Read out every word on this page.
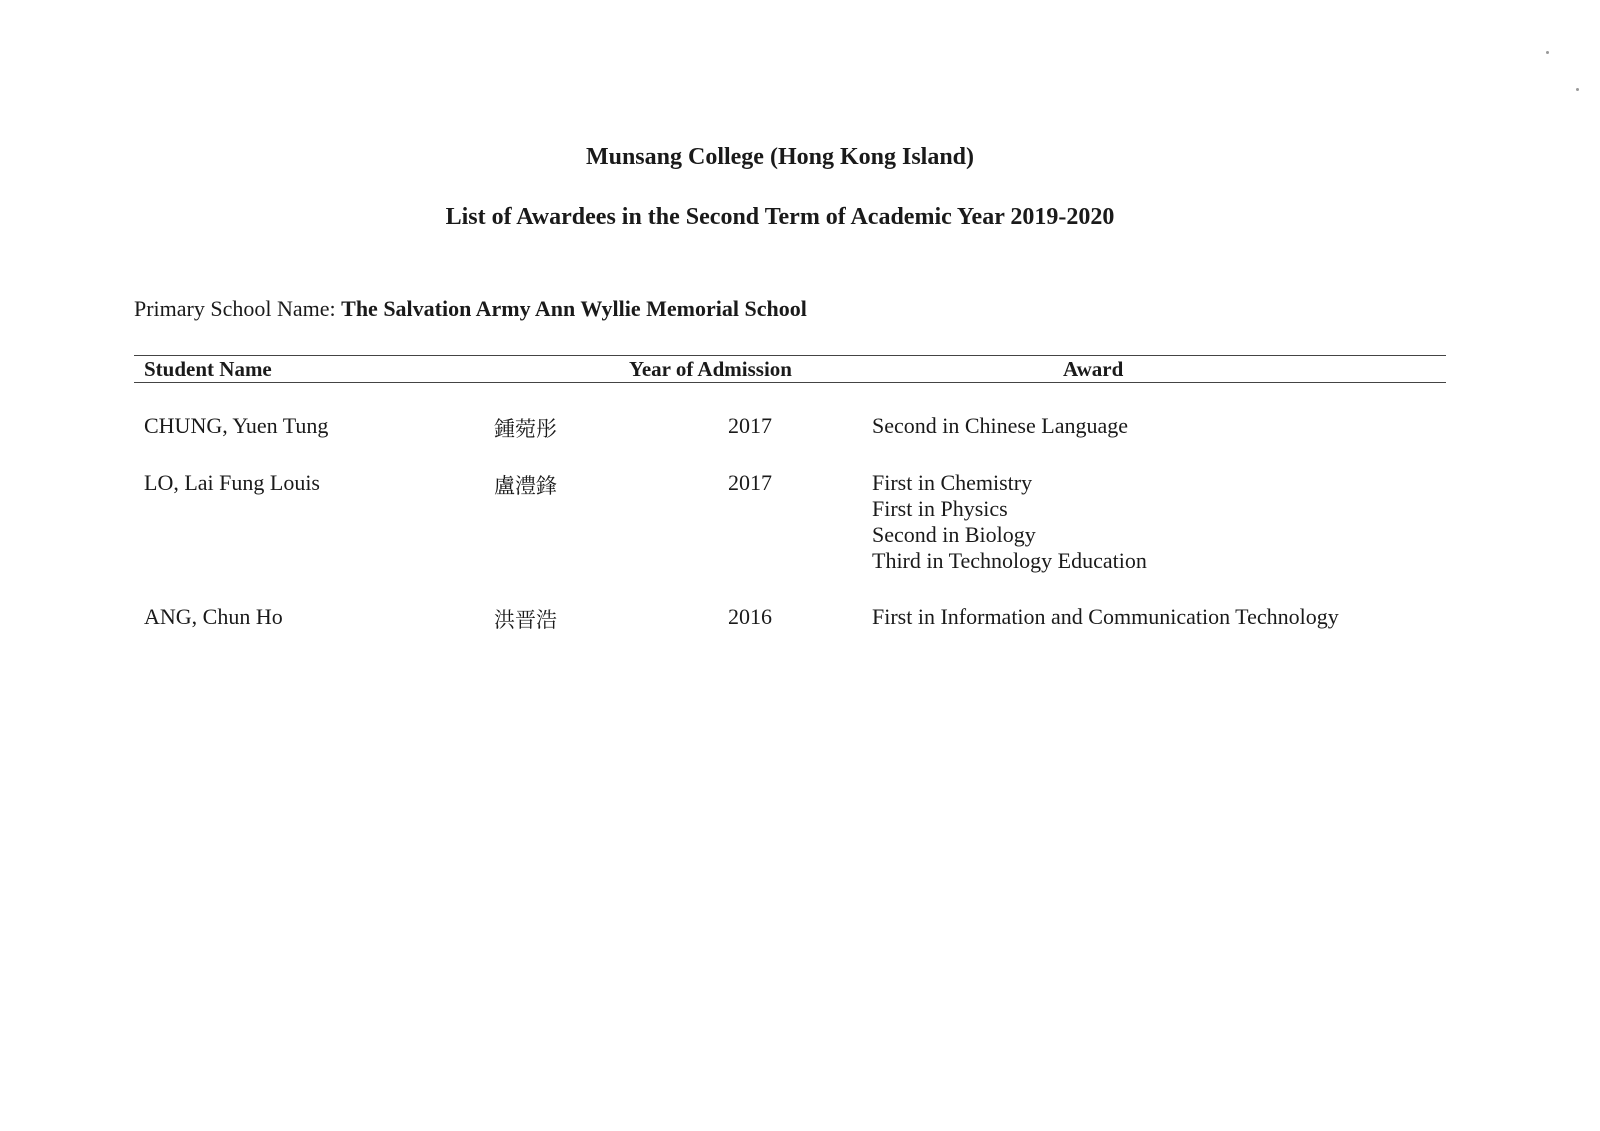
Munsang College (Hong Kong Island)
List of Awardees in the Second Term of Academic Year 2019-2020
Primary School Name: The Salvation Army Ann Wyllie Memorial School
Student Name	Year of Admission	Award
CHUNG, Yuen Tung	鍾菀彤	2017	Second in Chinese Language
LO, Lai Fung Louis	盧澧鋒	2017	First in Chemistry
First in Physics
Second in Biology
Third in Technology Education
ANG, Chun Ho	洪晋浩	2016	First in Information and Communication Technology
